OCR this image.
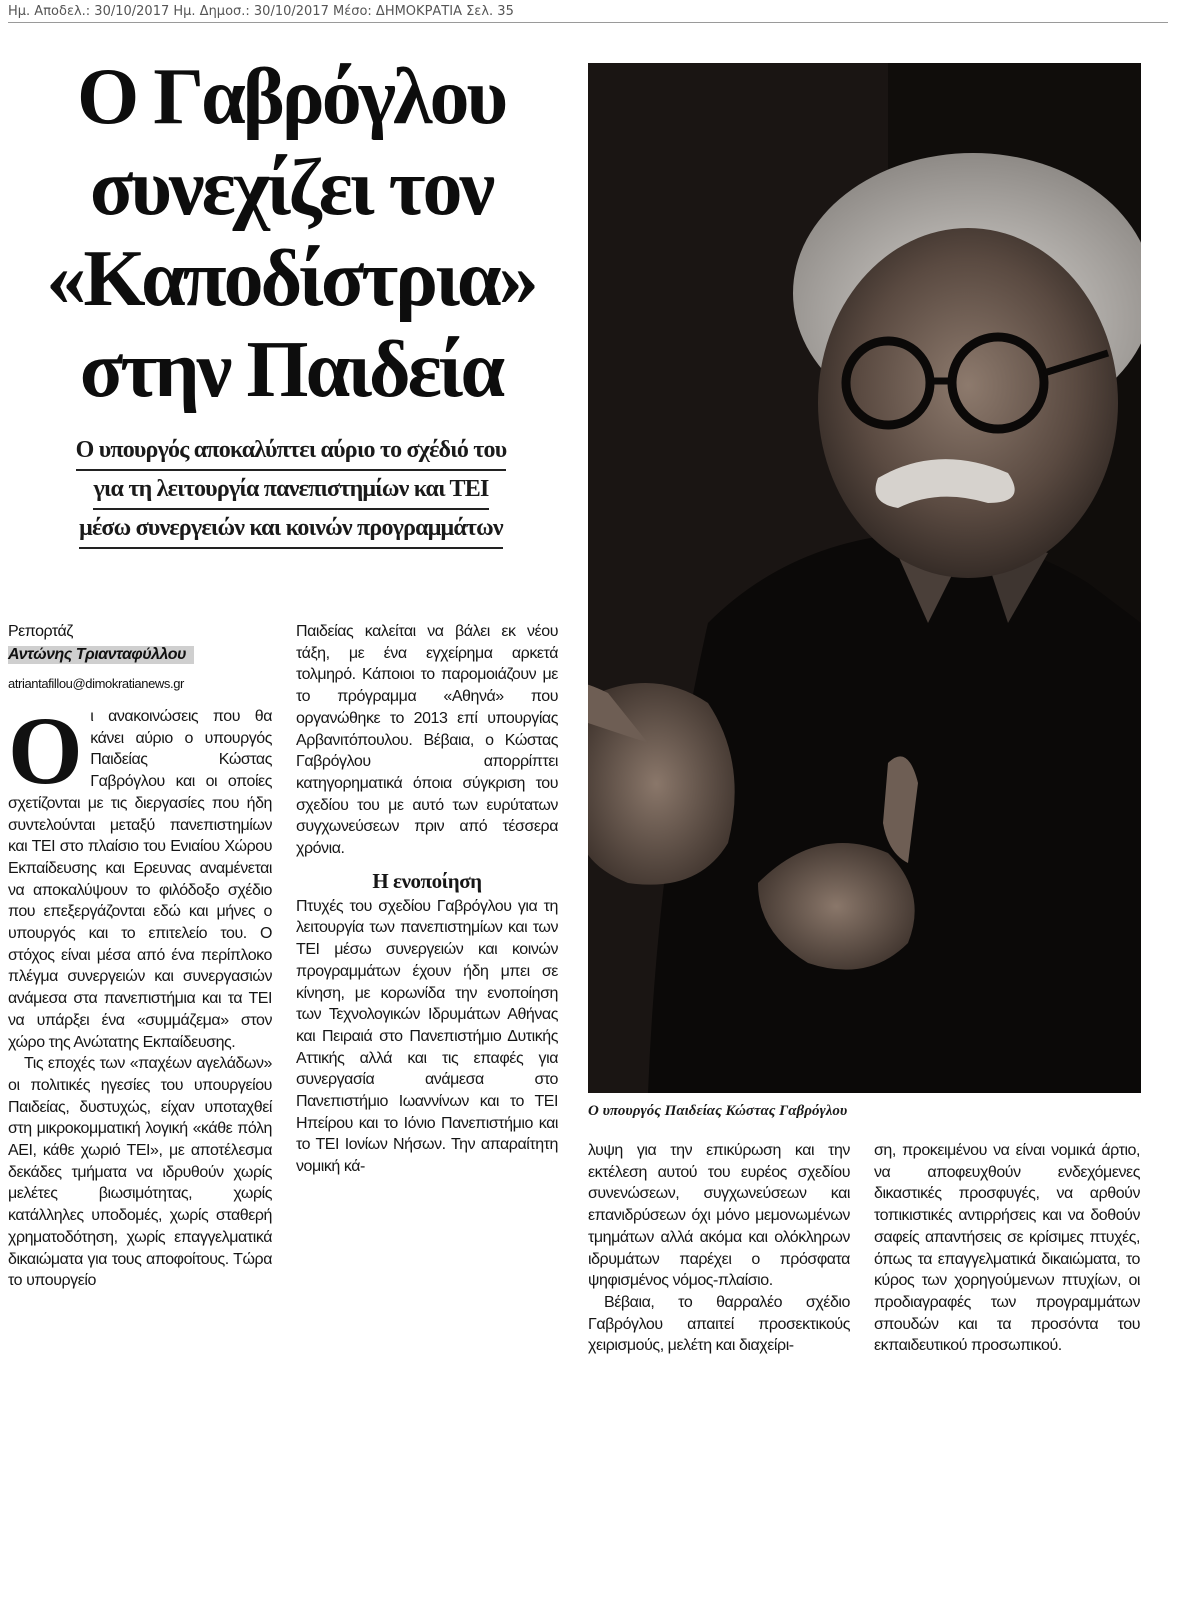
Ημ. Αποδελ.: 30/10/2017 Ημ. Δημοσ.: 30/10/2017 Μέσο: ΔΗΜΟΚΡΑΤΙΑ Σελ. 35
Ο Γαβρόγλου
συνεχίζει τον
«Καποδίστρια»
στην Παιδεία
Ο υπουργός αποκαλύπτει αύριο το σχέδιό του
για τη λειτουργία πανεπιστημίων και ΤΕΙ
μέσω συνεργειών και κοινών προγραμμάτων
Ο υπουργός Παιδείας Κώστας Γαβρόγλου
Ρεπορτάζ
Αντώνης Τριανταφύλλου
atriantafillou@dimokratianews.gr

Οι ανακοινώσεις που θα κάνει αύριο ο υπουργός Παιδείας Κώστας Γαβρόγλου και οι οποίες σχετίζονται με τις διεργασίες που ήδη συντελούνται μεταξύ πανεπιστημίων και ΤΕΙ στο πλαίσιο του Ενιαίου Χώρου Εκπαίδευσης και Ερευνας αναμένεται να αποκαλύψουν το φιλόδοξο σχέδιο που επεξεργάζονται εδώ και μήνες ο υπουργός και το επιτελείο του. Ο στόχος είναι μέσα από ένα περίπλοκο πλέγμα συνεργειών και συνεργασιών ανάμεσα στα πανεπιστήμια και τα ΤΕΙ να υπάρξει ένα «συμμάζεμα» στον χώρο της Ανώτατης Εκπαίδευσης.

Τις εποχές των «παχέων αγελάδων» οι πολιτικές ηγεσίες του υπουργείου Παιδείας, δυστυχώς, είχαν υποταχθεί στη μικροκομματική λογική «κάθε πόλη ΑΕΙ, κάθε χωριό ΤΕΙ», με αποτέλεσμα δεκάδες τμήματα να ιδρυθούν χωρίς μελέτες βιωσιμότητας, χωρίς κατάλληλες υποδομές, χωρίς σταθερή χρηματοδότηση, χωρίς επαγγελματικά δικαιώματα για τους αποφοίτους. Τώρα το υπουργείο

Παιδείας καλείται να βάλει εκ νέου τάξη, με ένα εγχείρημα αρκετά τολμηρό. Κάποιοι το παρομοιάζουν με το πρόγραμμα «Αθηνά» που οργανώθηκε το 2013 επί υπουργίας Αρβανιτόπουλου. Βέβαια, ο Κώστας Γαβρόγλου απορρίπτει κατηγορηματικά όποια σύγκριση του σχεδίου του με αυτό των ευρύτατων συγχωνεύσεων πριν από τέσσερα χρόνια.

Η ενοποίηση

Πτυχές του σχεδίου Γαβρόγλου για τη λειτουργία των πανεπιστημίων και των ΤΕΙ μέσω συνεργειών και κοινών προγραμμάτων έχουν ήδη μπει σε κίνηση, με κορωνίδα την ενοποίηση των Τεχνολογικών Ιδρυμάτων Αθήνας και Πειραιά στο Πανεπιστήμιο Δυτικής Αττικής αλλά και τις επαφές για συνεργασία ανάμεσα στο Πανεπιστήμιο Ιωαννίνων και το ΤΕΙ Ηπείρου και το Ιόνιο Πανεπιστήμιο και το ΤΕΙ Ιονίων Νήσων. Την απαραίτητη νομική κά-

λυψη για την επικύρωση και την εκτέλεση αυτού του ευρέος σχεδίου συνενώσεων, συγχωνεύσεων και επανιδρύσεων όχι μόνο μεμονωμένων τμημάτων αλλά ακόμα και ολόκληρων ιδρυμάτων παρέχει ο πρόσφατα ψηφισμένος νόμος-πλαίσιο.

Βέβαια, το θαρραλέο σχέδιο Γαβρόγλου απαιτεί προσεκτικούς χειρισμούς, μελέτη και διαχείρι-

ση, προκειμένου να είναι νομικά άρτιο, να αποφευχθούν ενδεχόμενες δικαστικές προσφυγές, να αρθούν τοπικιστικές αντιρρήσεις και να δοθούν σαφείς απαντήσεις σε κρίσιμες πτυχές, όπως τα επαγγελματικά δικαιώματα, το κύρος των χορηγούμενων πτυχίων, οι προδιαγραφές των προγραμμάτων σπουδών και τα προσόντα του εκπαιδευτικού προσωπικού.
